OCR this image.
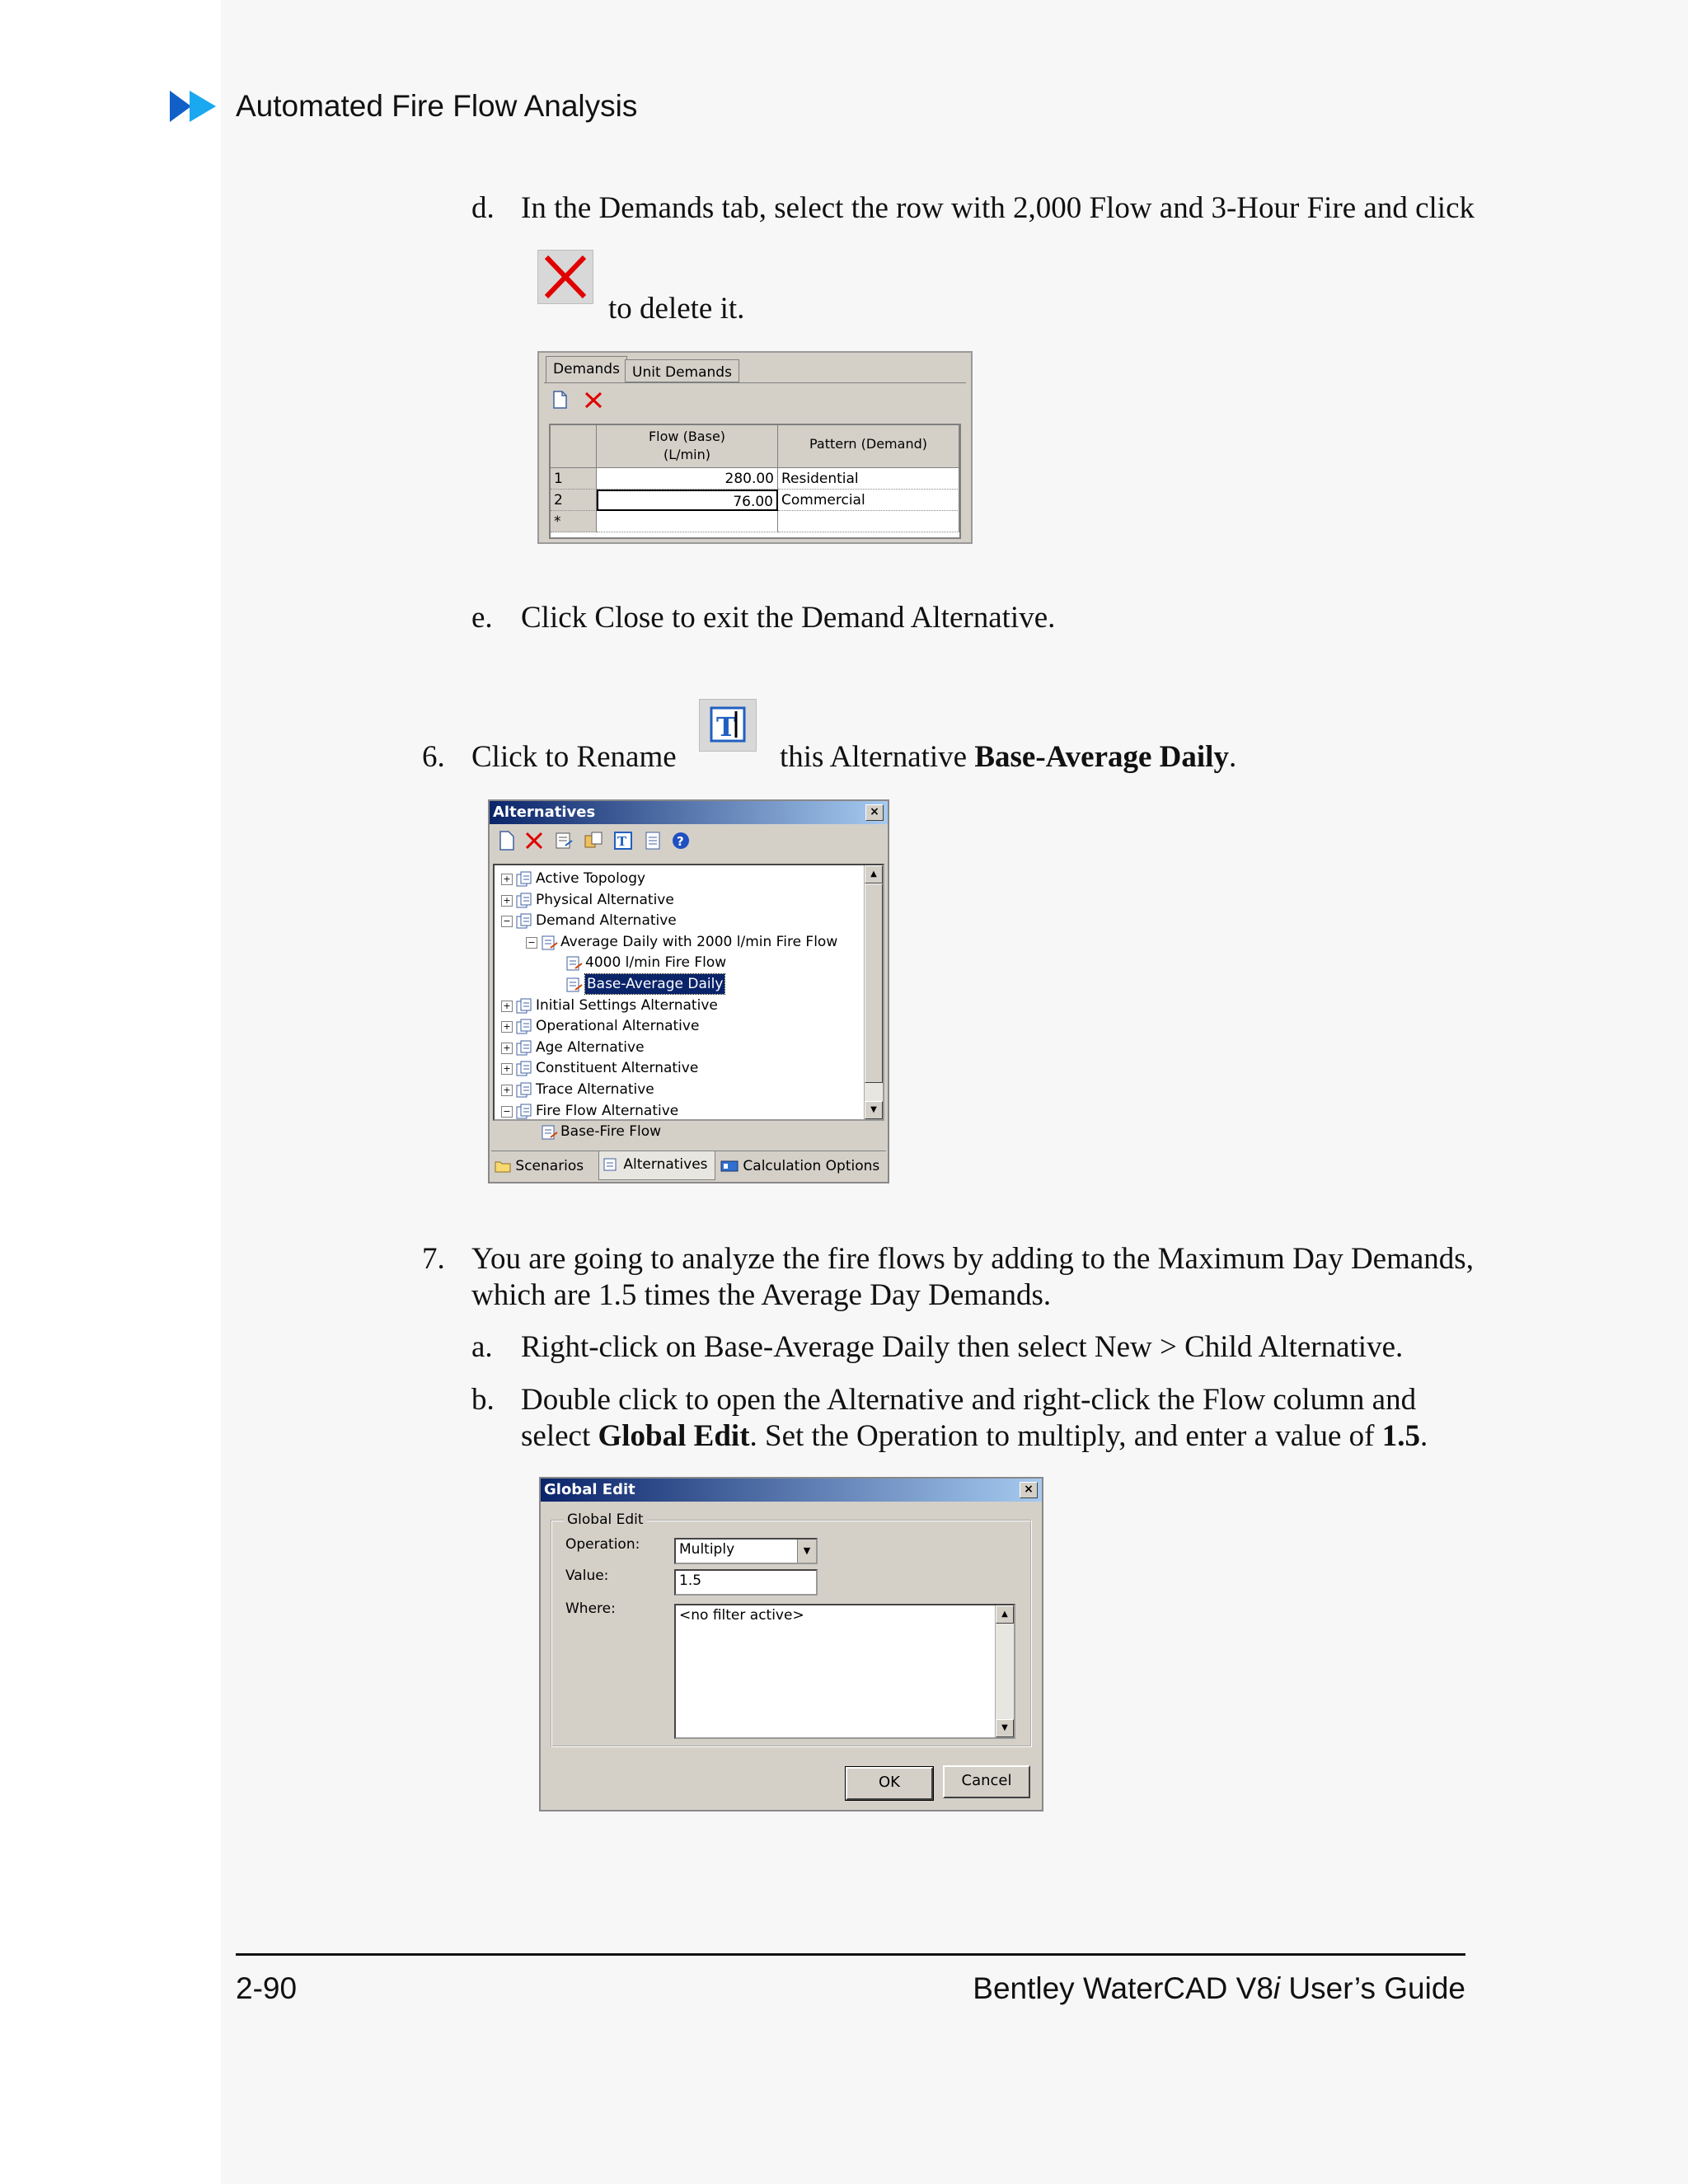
Automated Fire Flow Analysis
d. In the Demands tab, select the row with 2,000 Flow and 3-Hour Fire and click
to delete it.
Demands Unit Demands
Flow (Base)
(L/min)
Pattern (Demand)
1	280.00 Residential
2	76.00 Commercial
*
e. Click Close to exit the Demand Alternative.
6. Click to Rename
T
this Alternative Base-Average Daily.
Alternatives	×
T	?
+ Active Topology
+ Physical Alternative
− Demand Alternative
− Average Daily with 2000 l/min Fire Flow
4000 l/min Fire Flow
Base-Average Daily
+ Initial Settings Alternative
+ Operational Alternative
+ Age Alternative
+ Constituent Alternative
+ Trace Alternative
− Fire Flow Alternative
Base-Fire Flow
▲
▼
Scenarios	Alternatives	Calculation Options
7. You are going to analyze the fire flows by adding to the Maximum Day Demands,
which are 1.5 times the Average Day Demands.
a. Right-click on Base-Average Daily then select New > Child Alternative.
b. Double click to open the Alternative and right-click the Flow column and
select Global Edit. Set the Operation to multiply, and enter a value of 1.5.
Global Edit	×
Global Edit
Operation:	Multiply	▼
Value:	1.5
Where:	<no filter active>	▲
▼
OK	Cancel
2-90	Bentley WaterCAD V8i User’s Guide
